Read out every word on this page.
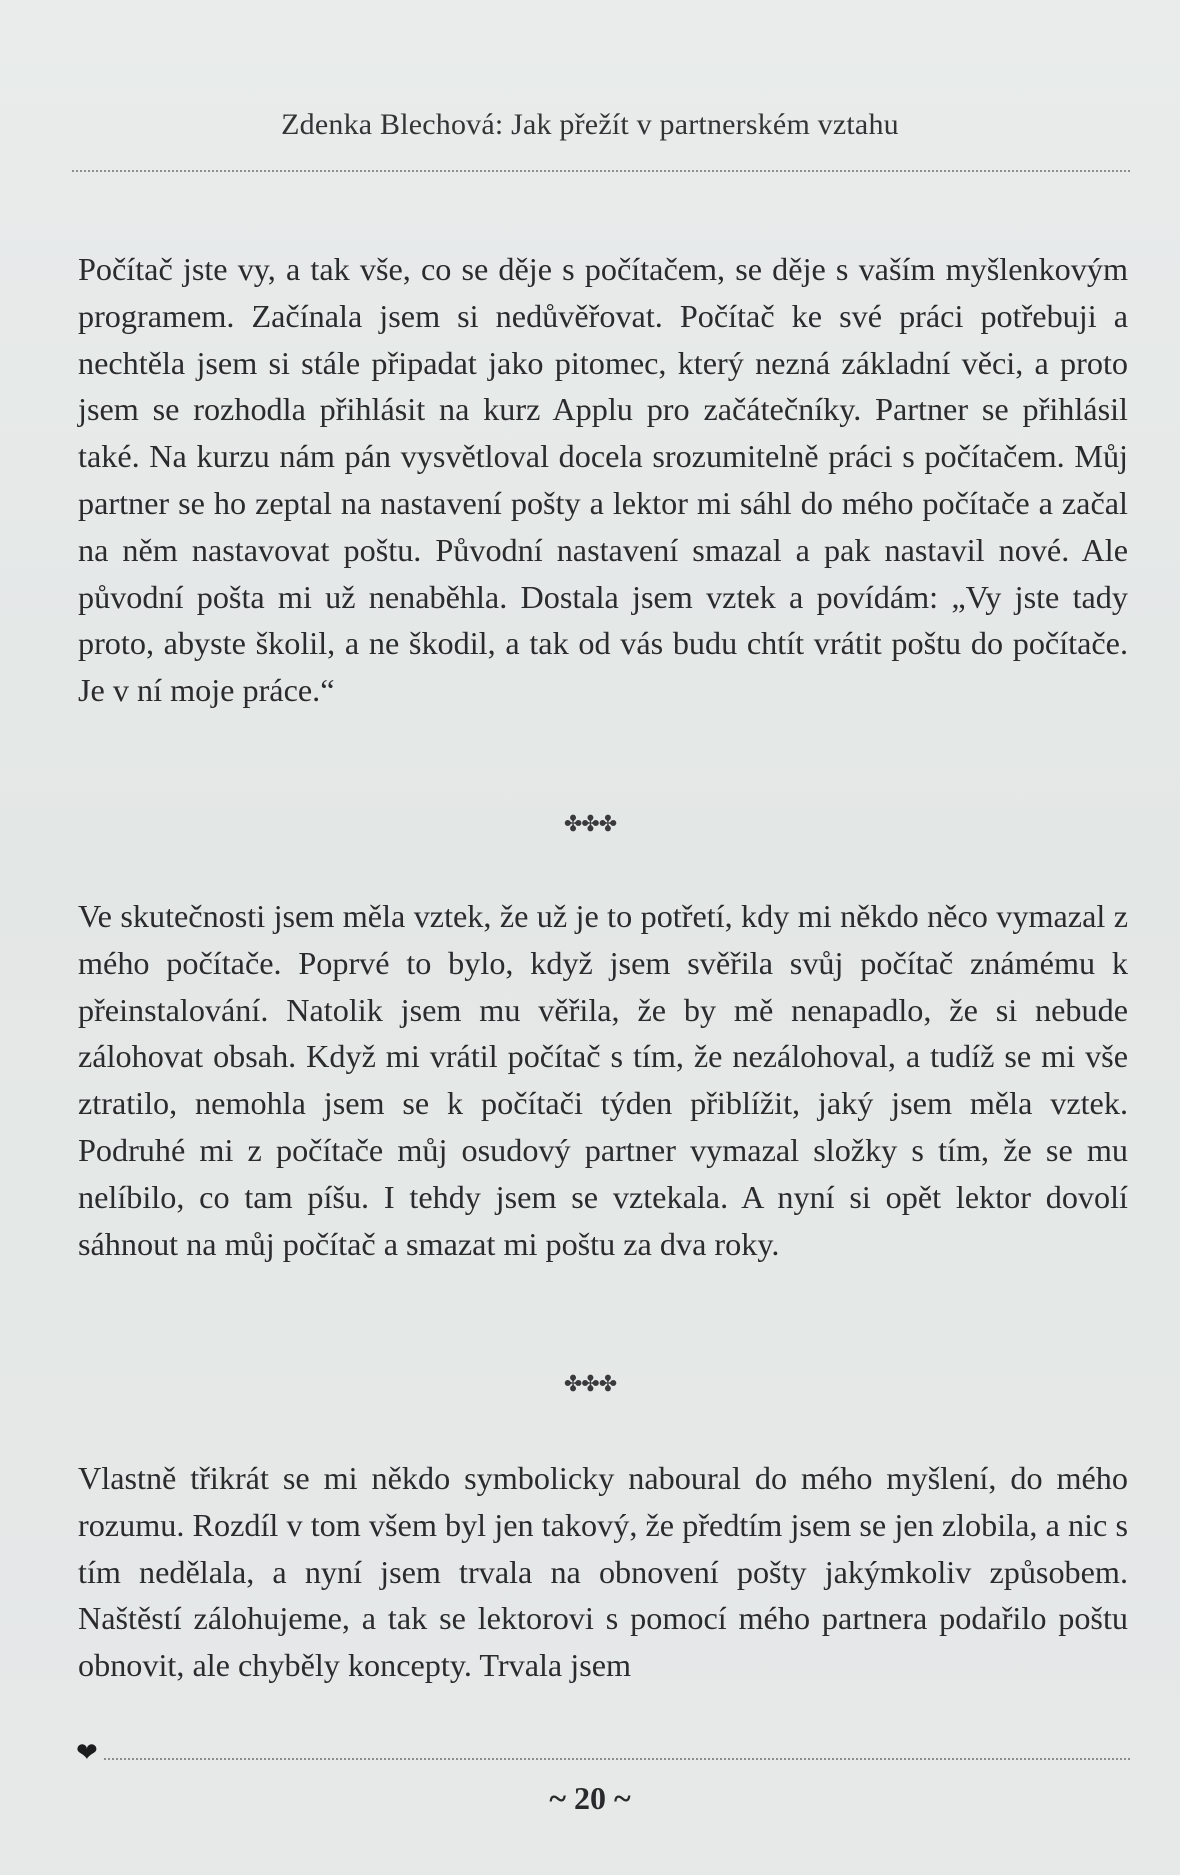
Zdenka Blechová: Jak přežít v partnerském vztahu

Počítač jste vy, a tak vše, co se děje s počítačem, se děje s vaším myšlenkovým programem. Začínala jsem si nedůvěřovat. Počítač ke své práci potřebuji a nechtěla jsem si stále připadat jako pitomec, který nezná základní věci, a proto jsem se rozhodla přihlásit na kurz Applu pro začátečníky. Partner se přihlásil také. Na kurzu nám pán vysvětloval docela srozumitelně práci s počítačem. Můj partner se ho zeptal na nastavení pošty a lektor mi sáhl do mého počítače a začal na něm nastavovat poštu. Původní nastavení smazal a pak nastavil nové. Ale původní pošta mi už nenaběhla. Dostala jsem vztek a povídám: „Vy jste tady proto, abyste školil, a ne škodil, a tak od vás budu chtít vrátit poštu do počítače. Je v ní moje práce.“

✤✤✤

Ve skutečnosti jsem měla vztek, že už je to potřetí, kdy mi někdo něco vymazal z mého počítače. Poprvé to bylo, když jsem svěřila svůj počítač známému k přeinstalování. Natolik jsem mu věřila, že by mě nenapadlo, že si nebude zálohovat obsah. Když mi vrátil počítač s tím, že nezálohoval, a tudíž se mi vše ztratilo, nemohla jsem se k počítači týden přiblížit, jaký jsem měla vztek. Podruhé mi z počítače můj osudový partner vymazal složky s tím, že se mu nelíbilo, co tam píšu. I tehdy jsem se vztekala. A nyní si opět lektor dovolí sáhnout na můj počítač a smazat mi poštu za dva roky.

✤✤✤

Vlastně třikrát se mi někdo symbolicky naboural do mého myšlení, do mého rozumu. Rozdíl v tom všem byl jen takový, že předtím jsem se jen zlobila, a nic s tím nedělala, a nyní jsem trvala na obnovení pošty jakýmkoliv způsobem. Naštěstí zálohujeme, a tak se lektorovi s pomocí mého partnera podařilo poštu obnovit, ale chyběly koncepty. Trvala jsem

❤
~ 20 ~
